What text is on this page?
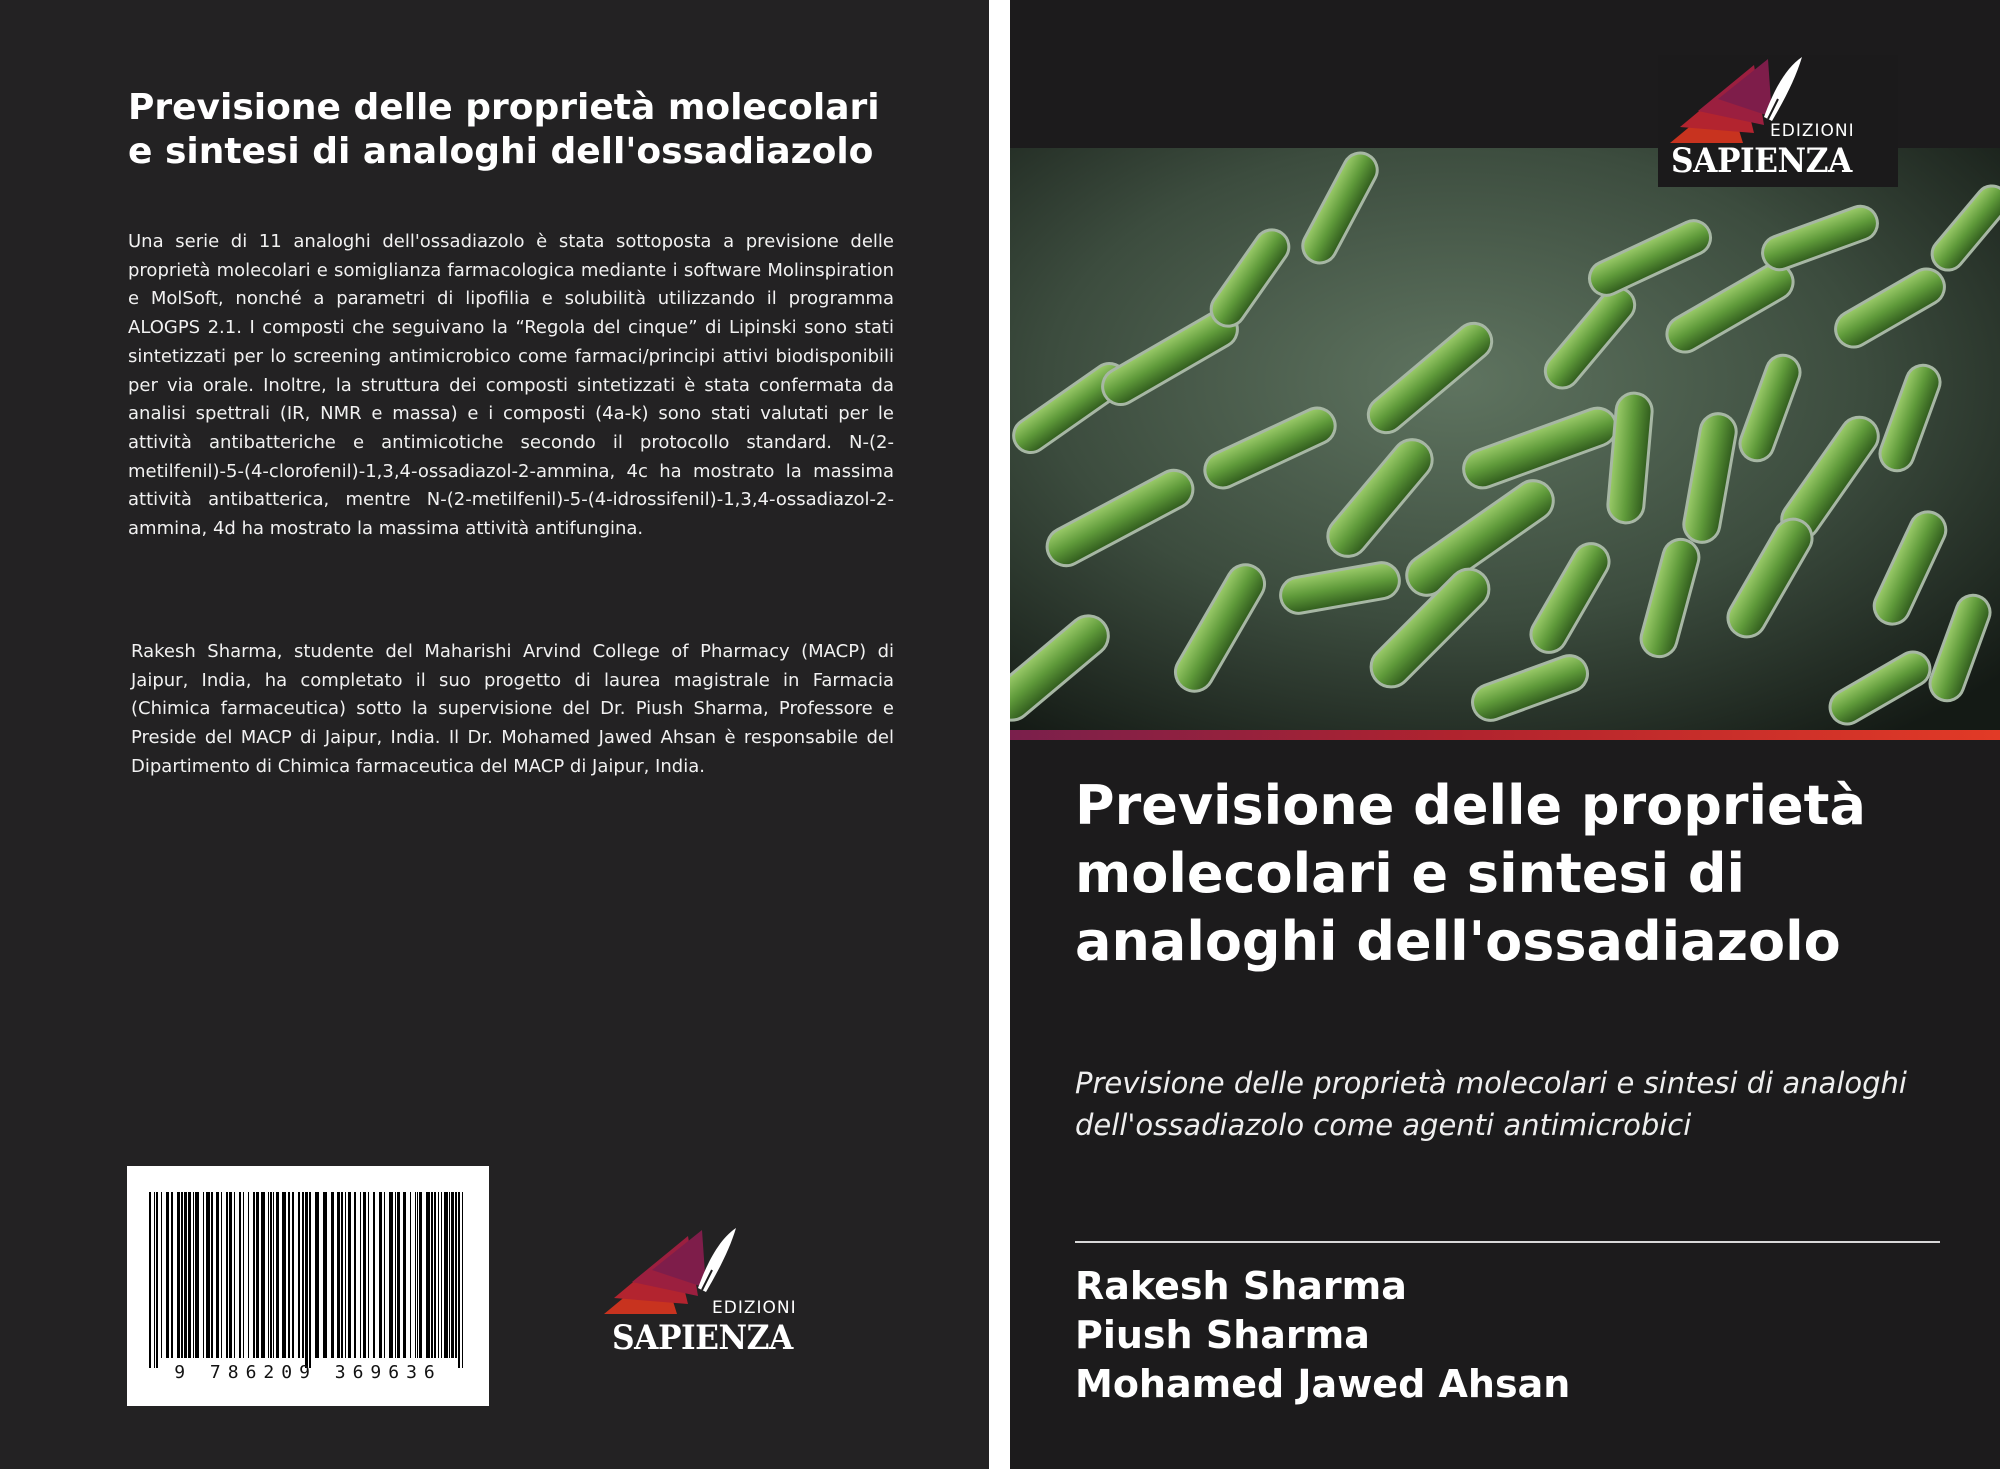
Previsione delle proprietà molecolari e sintesi di analoghi dell'ossadiazolo

Una serie di 11 analoghi dell'ossadiazolo è stata sottoposta a previsione delle proprietà molecolari e somiglianza farmacologica mediante i software Molinspiration e MolSoft, nonché a parametri di lipofilia e solubilità utilizzando il programma ALOGPS 2.1. I composti che seguivano la “Regola del cinque” di Lipinski sono stati sintetizzati per lo screening antimicrobico come farmaci/principi attivi biodisponibili per via orale. Inoltre, la struttura dei composti sintetizzati è stata confermata da analisi spettrali (IR, NMR e massa) e i composti (4a-k) sono stati valutati per le attività antibatteriche e antimicotiche secondo il protocollo standard. N-(2-metilfenil)-5-(4-clorofenil)-1,3,4-ossadiazol-2-ammina, 4c ha mostrato la massima attività antibatterica, mentre N-(2-metilfenil)-5-(4-idrossifenil)-1,3,4-ossadiazol-2-ammina, 4d ha mostrato la massima attività antifungina.

Rakesh Sharma, studente del Maharishi Arvind College of Pharmacy (MACP) di Jaipur, India, ha completato il suo progetto di laurea magistrale in Farmacia (Chimica farmaceutica) sotto la supervisione del Dr. Piush Sharma, Professore e Preside del MACP di Jaipur, India. Il Dr. Mohamed Jawed Ahsan è responsabile del Dipartimento di Chimica farmaceutica del MACP di Jaipur, India.

9 786209 369636
EDIZIONI
SAPIENZA
EDIZIONI
SAPIENZA
Previsione delle proprietà molecolari e sintesi di analoghi dell'ossadiazolo

Previsione delle proprietà molecolari e sintesi di analoghi dell'ossadiazolo come agenti antimicrobici

Rakesh Sharma
Piush Sharma
Mohamed Jawed Ahsan
